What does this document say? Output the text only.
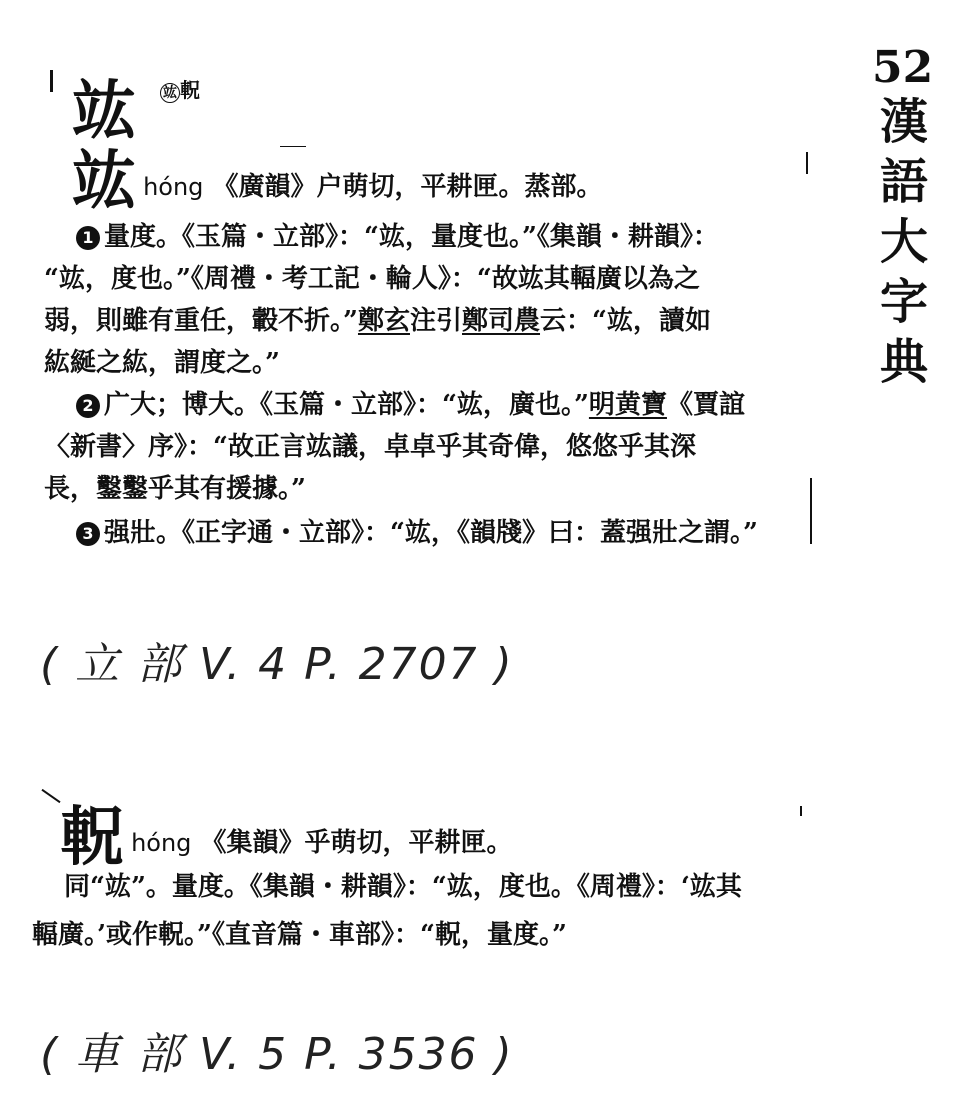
52
漢
語
大
字
典
竑 竑 軦
竑 hóng 《廣韻》户萌切，平耕匣。蒸部。
1 量度。《玉篇・立部》：“竑，量度也。”《集韻・耕韻》：
“竑，度也。”《周禮・考工記・輪人》：“故竑其輻廣以為之
弱，則雖有重任，轂不折。”鄭玄注引鄭司農云：“竑，讀如
紘綖之紘，謂度之。”
2 广大；博大。《玉篇・立部》：“竑，廣也。”明黄寶《賈誼
〈新書〉序》：“故正言竑議，卓卓乎其奇偉，悠悠乎其深
長，鑿鑿乎其有援據。”
3 强壯。《正字通・立部》：“竑，《韻牋》曰：蓋强壯之謂。”
( 立 部 V. 4 P. 2707 )
軦 hóng 《集韻》乎萌切，平耕匣。
同“竑”。量度。《集韻・耕韻》：“竑，度也。《周禮》：‘竑其
輻廣。’或作軦。”《直音篇・車部》：“軦，量度。”
( 車 部 V. 5 P. 3536 )
